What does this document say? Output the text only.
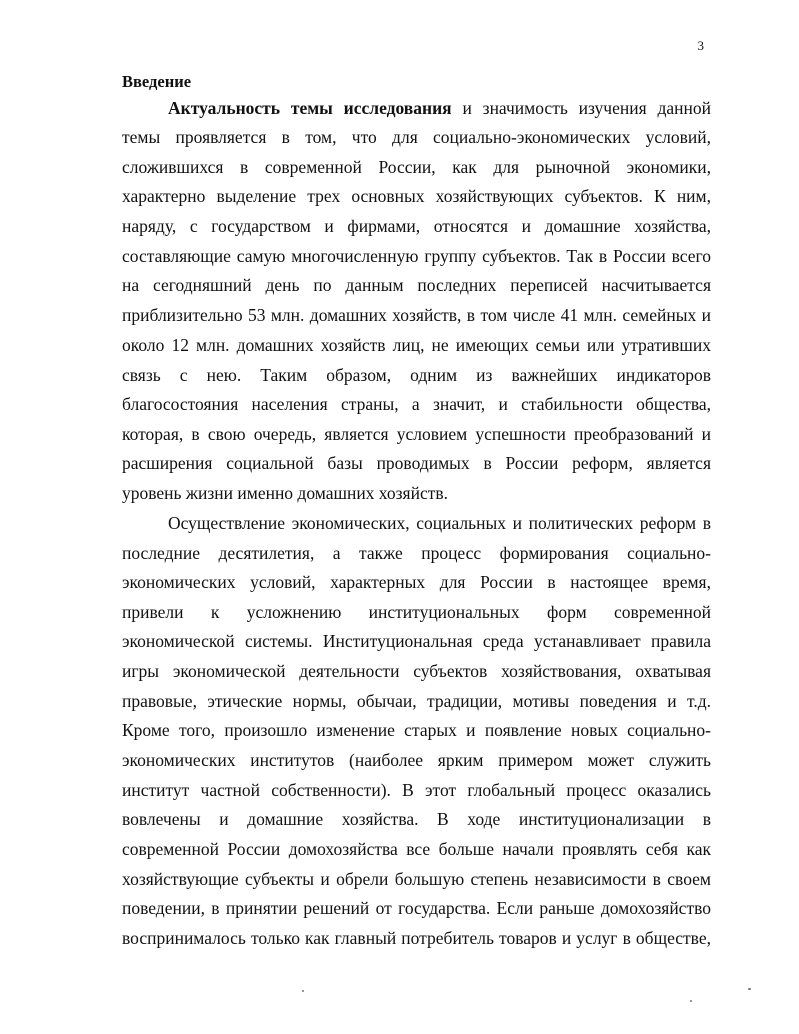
3
Введение
Актуальность темы исследования и значимость изучения данной
темы проявляется в том, что для социально-экономических условий,
сложившихся в современной России, как для рыночной экономики,
характерно выделение трех основных хозяйствующих субъектов. К ним,
наряду, с государством и фирмами, относятся и домашние хозяйства,
составляющие самую многочисленную группу субъектов. Так в России всего
на сегодняшний день по данным последних переписей насчитывается
приблизительно 53 млн. домашних хозяйств, в том числе 41 млн. семейных и
около 12 млн. домашних хозяйств лиц, не имеющих семьи или утративших
связь с нею. Таким образом, одним из важнейших индикаторов
благосостояния населения страны, а значит, и стабильности общества,
которая, в свою очередь, является условием успешности преобразований и
расширения социальной базы проводимых в России реформ, является
уровень жизни именно домашних хозяйств.
Осуществление экономических, социальных и политических реформ в
последние десятилетия, а также процесс формирования социально-
экономических условий, характерных для России в настоящее время,
привели к усложнению институциональных форм современной
экономической системы. Институциональная среда устанавливает правила
игры экономической деятельности субъектов хозяйствования, охватывая
правовые, этические нормы, обычаи, традиции, мотивы поведения и т.д.
Кроме того, произошло изменение старых и появление новых социально-
экономических институтов (наиболее ярким примером может служить
институт частной собственности). В этот глобальный процесс оказались
вовлечены и домашние хозяйства. В ходе институционализации в
современной России домохозяйства все больше начали проявлять себя как
хозяйствующие субъекты и обрели большую степень независимости в своем
поведении, в принятии решений от государства. Если раньше домохозяйство
воспринималось только как главный потребитель товаров и услуг в обществе,
